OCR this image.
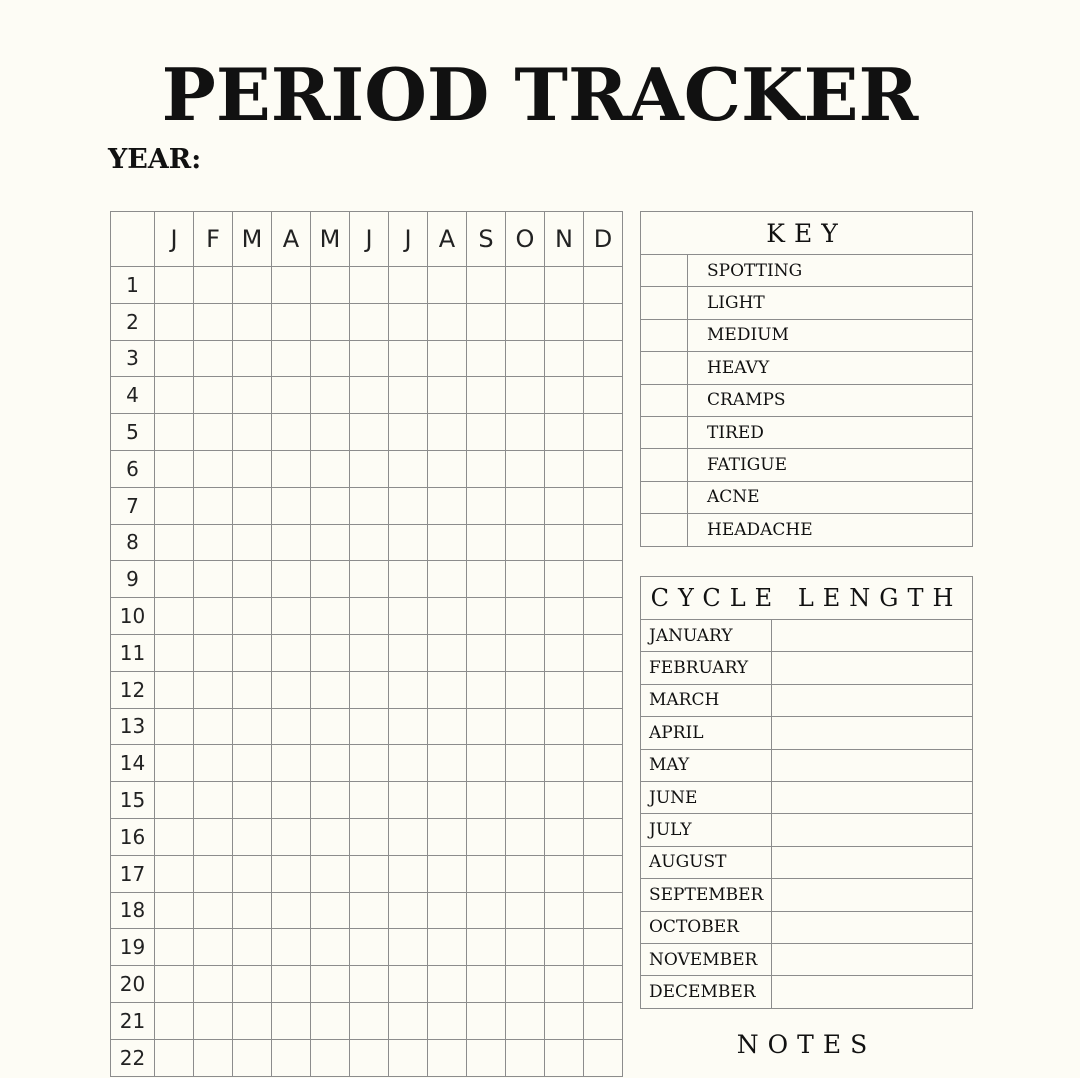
PERIOD TRACKER
YEAR:
	J	F	M	A	M	J	J	A	S	O	N	D
1												
2												
3												
4												
5												
6												
7												
8												
9												
10												
11												
12												
13												
14												
15												
16												
17												
18												
19												
20												
21												
22												
KEY	
	SPOTTING
	LIGHT
	MEDIUM
	HEAVY
	CRAMPS
	TIRED
	FATIGUE
	ACNE
	HEADACHE
CYCLE LENGTH	
JANUARY	
FEBRUARY	
MARCH	
APRIL	
MAY	
JUNE	
JULY	
AUGUST	
SEPTEMBER	
OCTOBER	
NOVEMBER	
DECEMBER	
NOTES
